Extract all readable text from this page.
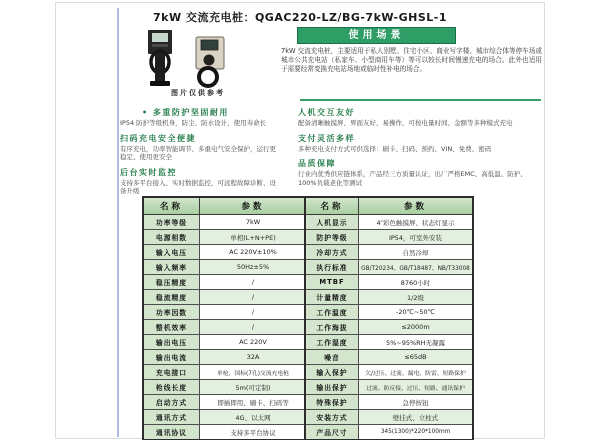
7kW 交流充电桩：QGAC220-LZ/BG-7kW-GHSL-1
图片仅供参考
使用场景
7kW 交流充电桩，主要适用于私人别墅、住宅小区、商业写字楼、城市综合体等停车场或城市公共充电站（私家车、小型商用车等）等可以较长时间慢速充电的场合。此外也适用于需要经常变换充电站场地或临时性补电的场合。
• 多重防护坚固耐用
IP54 防护等级机身，防尘、防水设计，使用寿命长
扫码充电安全便捷
有序充电，功率智能调节、多重电气安全保护，运行更稳定、使用更安全
后台实时监控
支持多平台接入、实时数据监控，可远程故障诊断、设备升级
人机交互友好
配备清晰触摸屏、界面友好、易操作，可按电量时间、金额等多种模式充电
支付灵活多样
多种充电支付方式可供选择：刷卡、扫码、预约、VIN、免费、密码
品质保障
行业内优秀供应链体系，产品经三方质量认证，出厂严格EMC、高低温、防护、100%负载老化等测试
名称	参数
功率等级	7kW
电源相数	单相(L+N+PE)
输入电压	AC 220V±10%
输入频率	50Hz±5%
稳压精度	/
稳流精度	/
功率因数	/
整机效率	/
输出电压	AC 220V
输出电流	32A
充电接口	单枪，国标(7孔)交流充电枪
枪线长度	5m(可定制)
启动方式	即插即用、刷卡、扫码等
通讯方式	4G、以太网
通讯协议	支持多平台协议
名称	参数
人机显示	4″彩色触摸屏、状态灯显示
防护等级	IP54，可室外安装
冷却方式	自然冷却
执行标准	GB/T20234、GB/T18487、NB/T33008
MTBF	8760小时
计量精度	1/2级
工作温度	-20℃~50℃
工作海拔	≤2000m
工作湿度	5%~95%RH无凝露
噪音	≤65dB
输入保护	欠/过压、过流、漏电、防雷、短路保护
输出保护	过流、防反接、过压、短路、通讯保护
特殊保护	急停按钮
安装方式	壁挂式、立柱式
产品尺寸	345(1300)*220*100mm
